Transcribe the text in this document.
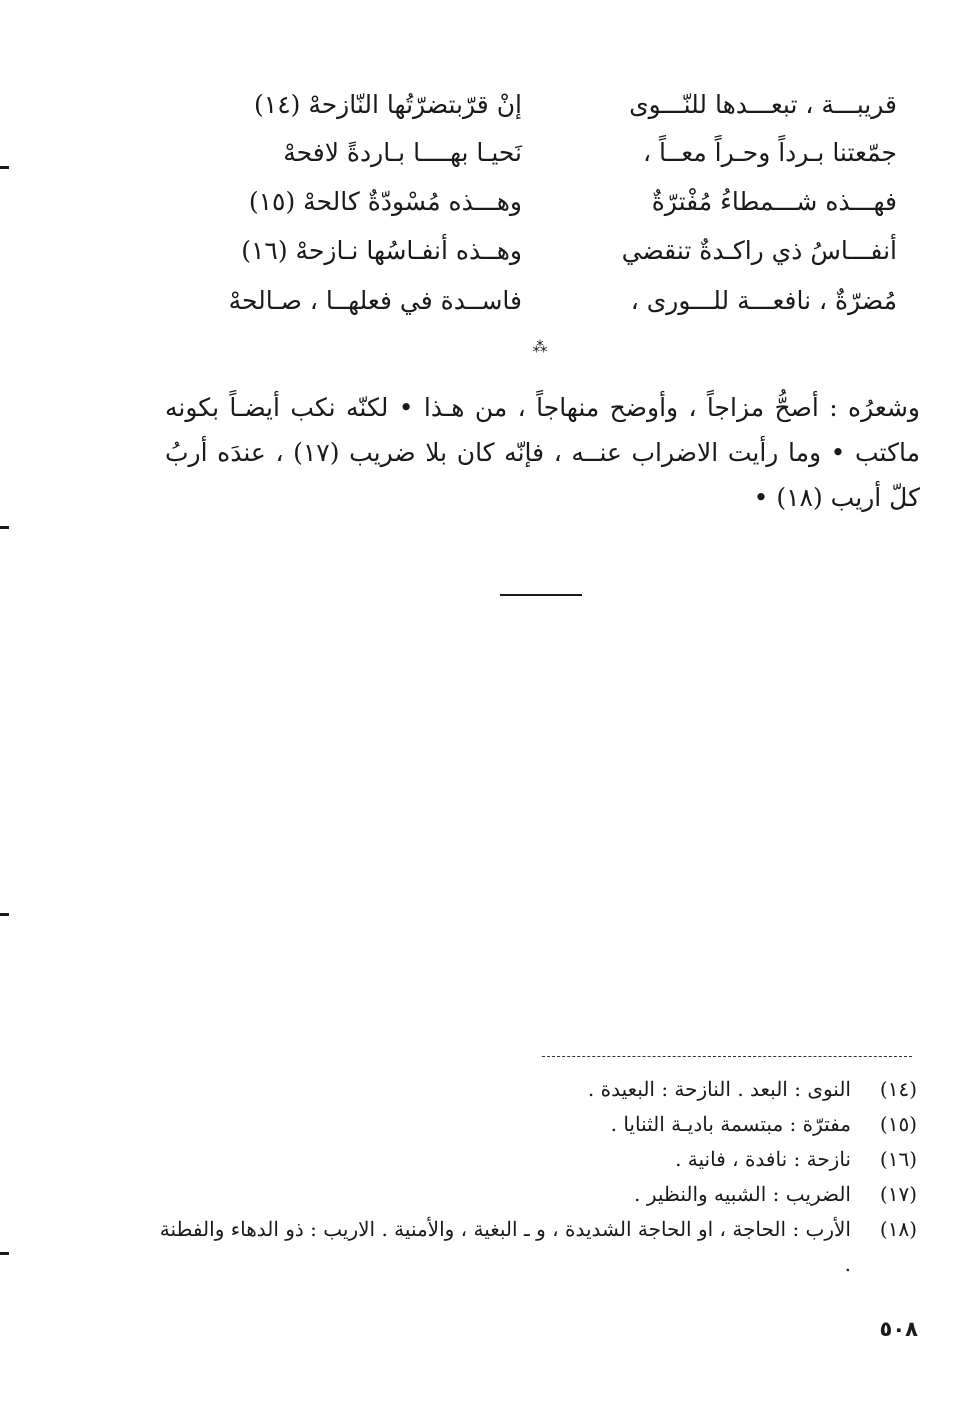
قريبـــة ، تبعـــدها للنّـــوى
إنْ قرّبتضرّتُها النّازحهْ (١٤)
جمّعتنا بـرداً وحـراً معــاً ،
نَحيـا بهــــا بـاردةً لافحهْ
فهـــذه شـــمطاءُ مُفْترّةٌ
وهـــذه مُسْودّةٌ كالحهْ (١٥)
أنفـــاسُ ذي راكـدةٌ تنقضي
وهــذه أنفـاسُها نـازحهْ (١٦)
مُضرّةٌ ، نافعـــة للـــورى ،
فاســدة في فعلهــا ، صـالحهْ
⁂

وشعرُه : أصحُّ مزاجاً ، وأوضح منهاجاً ، من هـذا • لكنّه نكب أيضـاً بكونه ماكتب • وما رأيت الاضراب عنــه ، فإنّه كان بلا ضريب (١٧) ، عندَه أربُ كلّ أريب (١٨) •

(١٤)
النوى : البعد . النازحة : البعيدة .
(١٥)
مفترّة : مبتسمة باديـة الثنايا .
(١٦)
نازحة : نافدة ، فانية .
(١٧)
الضريب : الشبيه والنظير .
(١٨)
الأرب : الحاجة ، او الحاجة الشديدة ، و ـ البغية ، والأمنية . الاريب : ذو الدهاء والفطنة .
٥٠٨
